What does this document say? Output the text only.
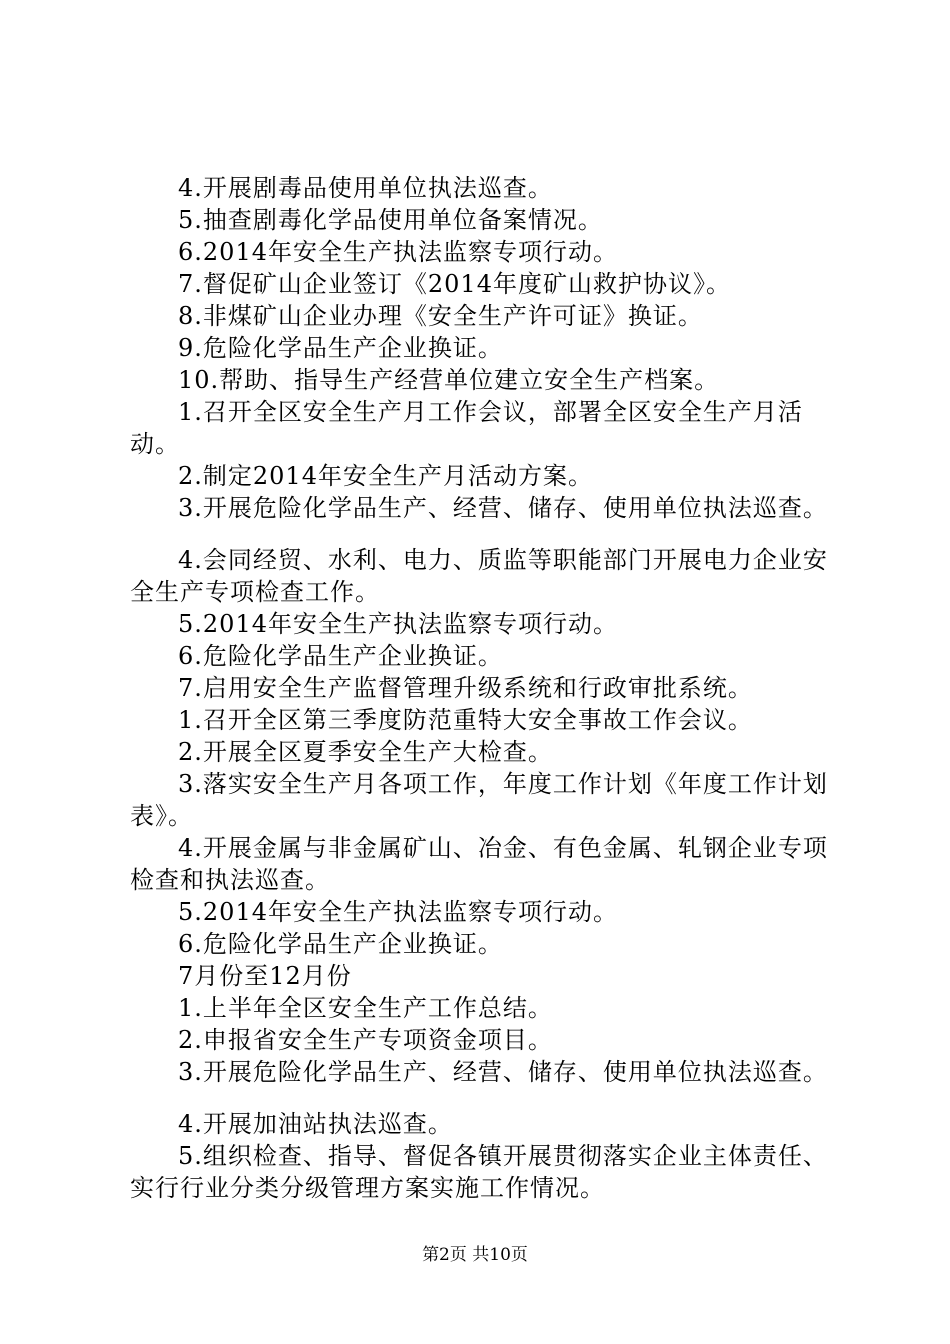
4.开展剧毒品使用单位执法巡查。

5.抽查剧毒化学品使用单位备案情况。

6.2014年安全生产执法监察专项行动。

7.督促矿山企业签订《2014年度矿山救护协议》。

8.非煤矿山企业办理《安全生产许可证》换证。

9.危险化学品生产企业换证。

10.帮助、指导生产经营单位建立安全生产档案。

1.召开全区安全生产月工作会议，部署全区安全生产月活动。

2.制定2014年安全生产月活动方案。

3.开展危险化学品生产、经营、储存、使用单位执法巡查。

4.会同经贸、水利、电力、质监等职能部门开展电力企业安全生产专项检查工作。

5.2014年安全生产执法监察专项行动。

6.危险化学品生产企业换证。

7.启用安全生产监督管理升级系统和行政审批系统。

1.召开全区第三季度防范重特大安全事故工作会议。

2.开展全区夏季安全生产大检查。

3.落实安全生产月各项工作，年度工作计划《年度工作计划表》。

4.开展金属与非金属矿山、冶金、有色金属、轧钢企业专项检查和执法巡查。

5.2014年安全生产执法监察专项行动。

6.危险化学品生产企业换证。

7月份至12月份

1.上半年全区安全生产工作总结。

2.申报省安全生产专项资金项目。

3.开展危险化学品生产、经营、储存、使用单位执法巡查。

4.开展加油站执法巡查。

5.组织检查、指导、督促各镇开展贯彻落实企业主体责任、实行行业分类分级管理方案实施工作情况。

第2页 共10页
